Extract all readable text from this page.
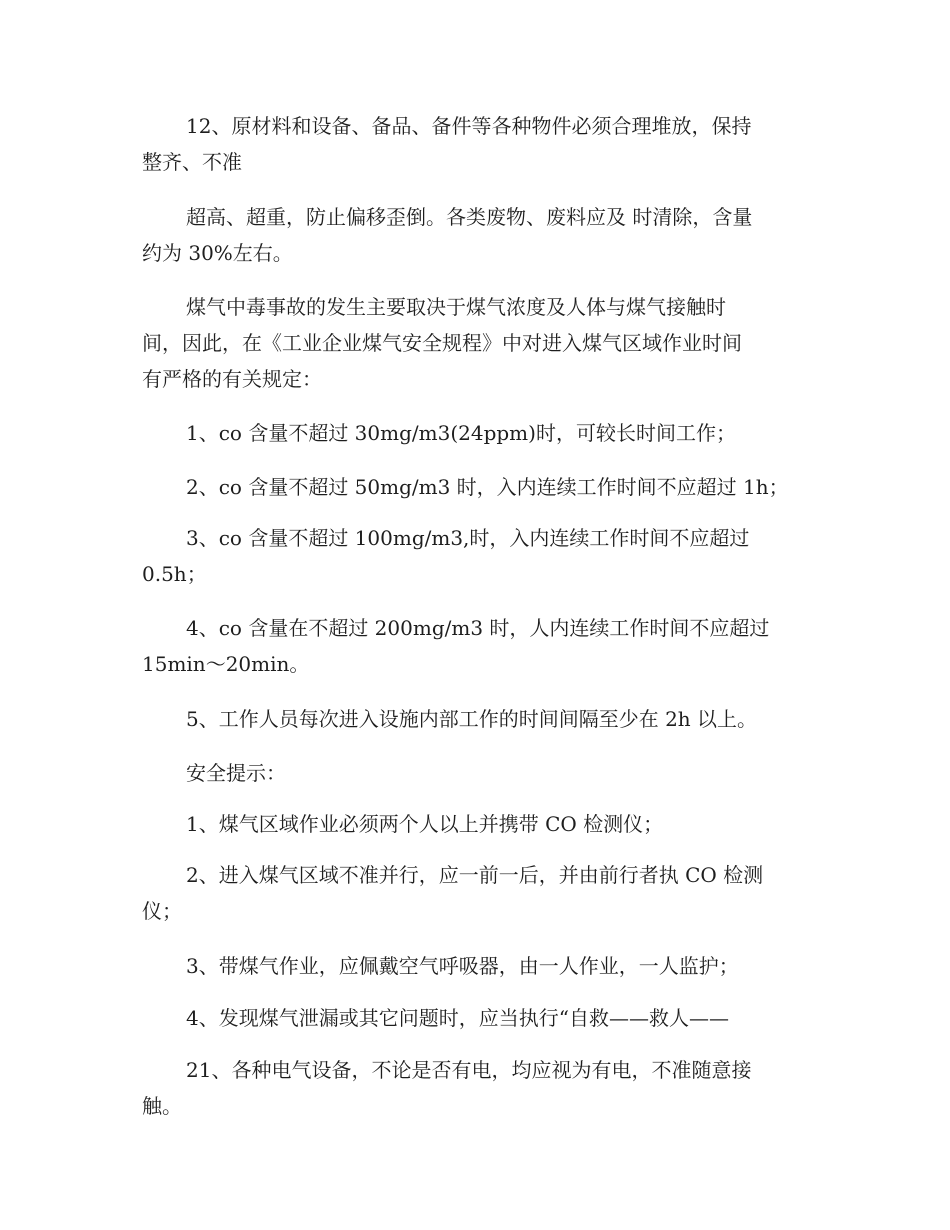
12、原材料和设备、备品、备件等各种物件必须合理堆放，保持
整齐、不准

超高、超重，防止偏移歪倒。各类废物、废料应及 时清除，含量
约为 30%左右。

煤气中毒事故的发生主要取决于煤气浓度及人体与煤气接触时
间，因此，在《工业企业煤气安全规程》中对进入煤气区域作业时间
有严格的有关规定：

1、co 含量不超过 30mg/m3(24ppm)时，可较长时间工作；

2、co 含量不超过 50mg/m3 时，入内连续工作时间不应超过 1h；

3、co 含量不超过 100mg/m3,时，入内连续工作时间不应超过
0.5h；

4、co 含量在不超过 200mg/m3 时，人内连续工作时间不应超过
15min～20min。

5、工作人员每次进入设施内部工作的时间间隔至少在 2h 以上。

安全提示：

1、煤气区域作业必须两个人以上并携带 CO 检测仪；

2、进入煤气区域不准并行，应一前一后，并由前行者执 CO 检测
仪；

3、带煤气作业，应佩戴空气呼吸器，由一人作业，一人监护；

4、发现煤气泄漏或其它问题时，应当执行“自救——救人——

21、各种电气设备，不论是否有电，均应视为有电，不准随意接
触。
